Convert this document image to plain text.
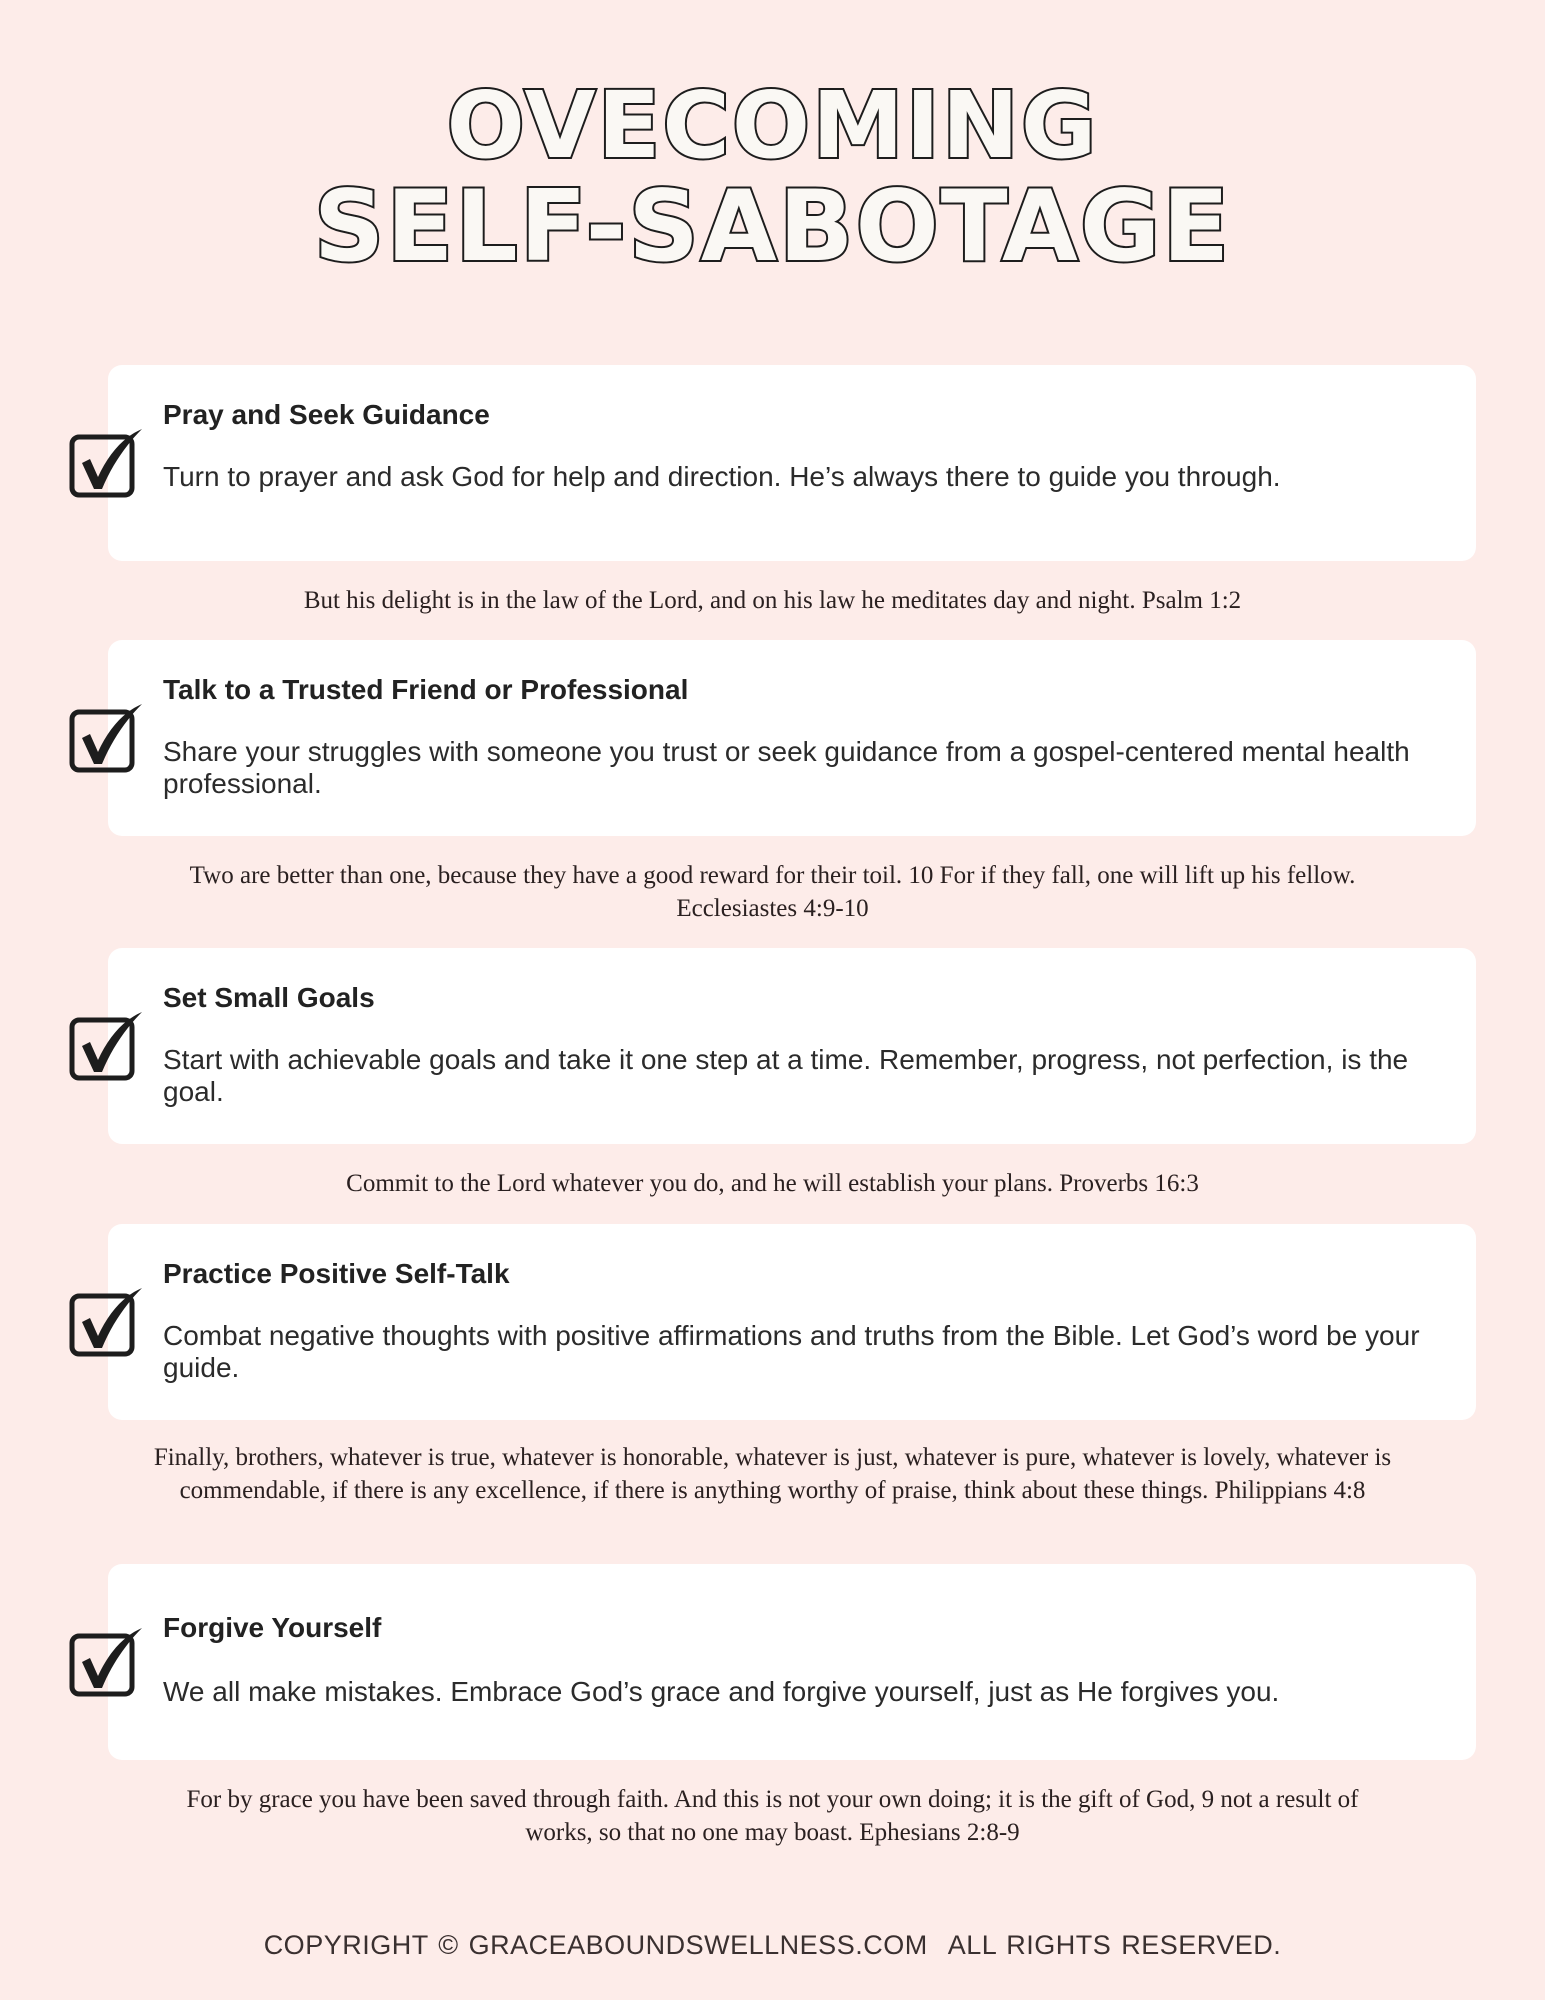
OVECOMING
SELF-SABOTAGE
Pray and Seek Guidance
Turn to prayer and ask God for help and direction. He’s always there to guide you through.
But his delight is in the law of the Lord, and on his law he meditates day and night. Psalm 1:2
Talk to a Trusted Friend or Professional
Share your struggles with someone you trust or seek guidance from a gospel-centered mental health professional.
Two are better than one, because they have a good reward for their toil. 10 For if they fall, one will lift up his fellow. Ecclesiastes 4:9-10
Set Small Goals
Start with achievable goals and take it one step at a time. Remember, progress, not perfection, is the goal.
Commit to the Lord whatever you do, and he will establish your plans. Proverbs 16:3
Practice Positive Self-Talk
Combat negative thoughts with positive affirmations and truths from the Bible. Let God’s word be your guide.
Finally, brothers, whatever is true, whatever is honorable, whatever is just, whatever is pure, whatever is lovely, whatever is commendable, if there is any excellence, if there is anything worthy of praise, think about these things. Philippians 4:8
Forgive Yourself
We all make mistakes. Embrace God’s grace and forgive yourself, just as He forgives you.
For by grace you have been saved through faith. And this is not your own doing; it is the gift of God, 9 not a result of works, so that no one may boast. Ephesians 2:8-9
COPYRIGHT © GRACEABOUNDSWELLNESS.COM ALL RIGHTS RESERVED.
